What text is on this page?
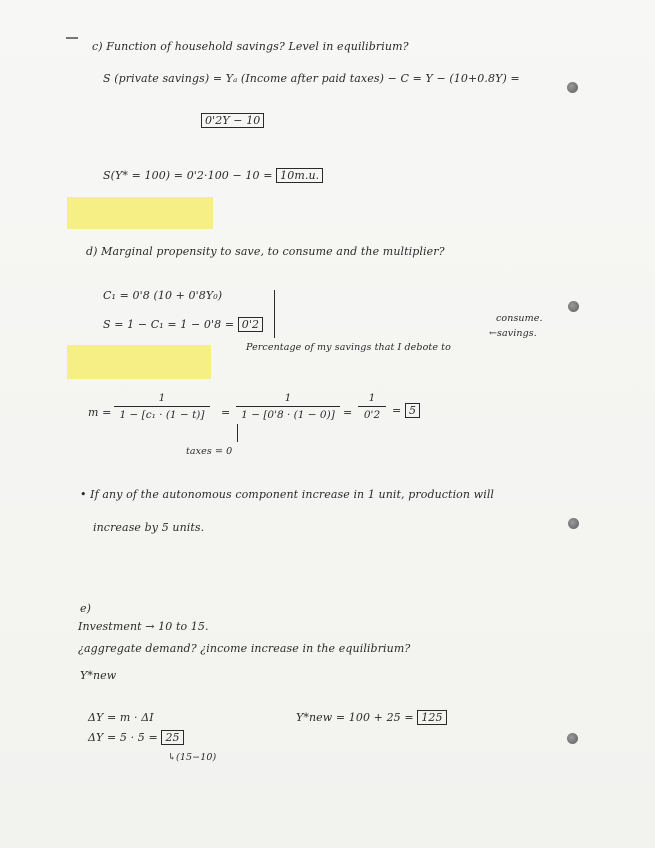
c) Function of household savings? Level in equilibrium?
S (private savings) = Yₐ (Income after paid taxes) − C = Y − (10+0.8Y) =
0'2Y − 10
S(Y* = 100) = 0'2·100 − 10 = 10m.u.
d) Marginal propensity to save, to consume and the multiplier?
C₁ = 0'8 (10 + 0'8Y₀)
S = 1 − C₁ = 1 − 0'8 = 0'2	consume.
Percentage of my savings that I debote to
←savings.
m =
1
1 − [c₁ · (1 − t)]	=
1
1 − [0'8 · (1 − 0)] =
1
0'2	= 5
taxes = 0
• If any of the autonomous component increase in 1 unit, production will
increase by 5 units.
e)
Investment → 10 to 15.
¿aggregate demand? ¿income increase in the equilibrium?
Y*new
ΔY = m · ΔI
ΔY = 5 · 5 = 25
↳(15−10)
Y*new = 100 + 25 = 125
